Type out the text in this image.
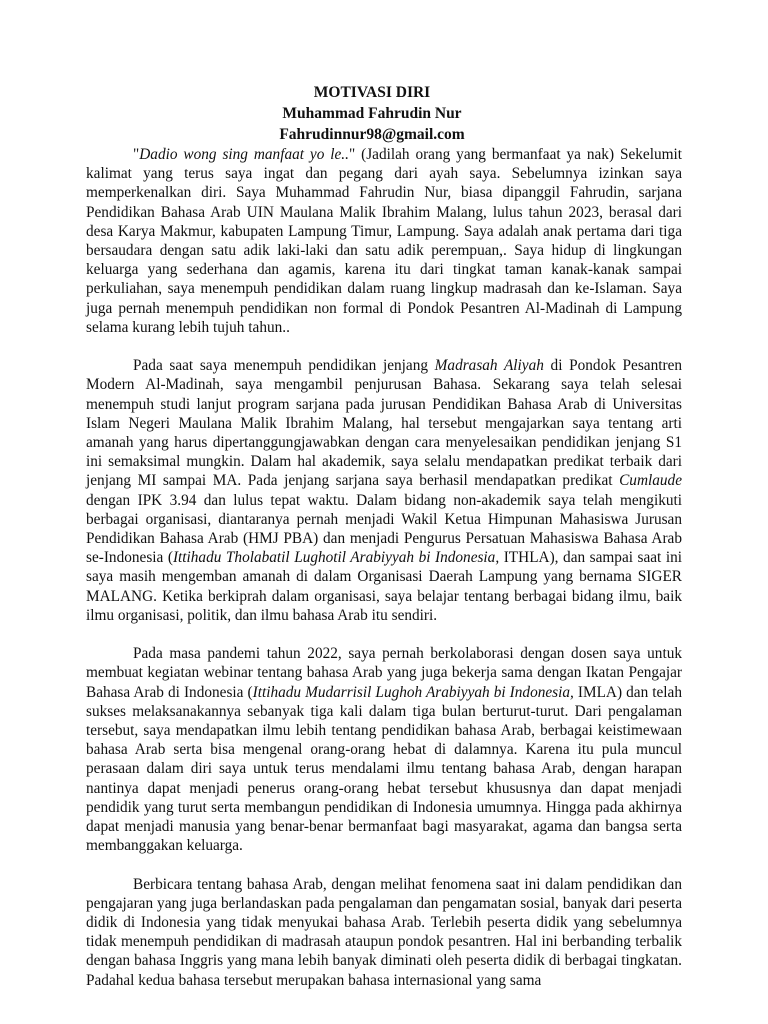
MOTIVASI DIRI
Muhammad Fahrudin Nur
Fahrudinnur98@gmail.com

"Dadio wong sing manfaat yo le.." (Jadilah orang yang bermanfaat ya nak) Sekelumit kalimat yang terus saya ingat dan pegang dari ayah saya. Sebelumnya izinkan saya memperkenalkan diri. Saya Muhammad Fahrudin Nur, biasa dipanggil Fahrudin, sarjana Pendidikan Bahasa Arab UIN Maulana Malik Ibrahim Malang, lulus tahun 2023, berasal dari desa Karya Makmur, kabupaten Lampung Timur, Lampung. Saya adalah anak pertama dari tiga bersaudara dengan satu adik laki-laki dan satu adik perempuan,. Saya hidup di lingkungan keluarga yang sederhana dan agamis, karena itu dari tingkat taman kanak-kanak sampai perkuliahan, saya menempuh pendidikan dalam ruang lingkup madrasah dan ke-Islaman. Saya juga pernah menempuh pendidikan non formal di Pondok Pesantren Al-Madinah di Lampung selama kurang lebih tujuh tahun..

Pada saat saya menempuh pendidikan jenjang Madrasah Aliyah di Pondok Pesantren Modern Al-Madinah, saya mengambil penjurusan Bahasa. Sekarang saya telah selesai menempuh studi lanjut program sarjana pada jurusan Pendidikan Bahasa Arab di Universitas Islam Negeri Maulana Malik Ibrahim Malang, hal tersebut mengajarkan saya tentang arti amanah yang harus dipertanggungjawabkan dengan cara menyelesaikan pendidikan jenjang S1 ini semaksimal mungkin. Dalam hal akademik, saya selalu mendapatkan predikat terbaik dari jenjang MI sampai MA. Pada jenjang sarjana saya berhasil mendapatkan predikat Cumlaude dengan IPK 3.94 dan lulus tepat waktu. Dalam bidang non-akademik saya telah mengikuti berbagai organisasi, diantaranya pernah menjadi Wakil Ketua Himpunan Mahasiswa Jurusan Pendidikan Bahasa Arab (HMJ PBA) dan menjadi Pengurus Persatuan Mahasiswa Bahasa Arab se-Indonesia (Ittihadu Tholabatil Lughotil Arabiyyah bi Indonesia, ITHLA), dan sampai saat ini saya masih mengemban amanah di dalam Organisasi Daerah Lampung yang bernama SIGER MALANG. Ketika berkiprah dalam organisasi, saya belajar tentang berbagai bidang ilmu, baik ilmu organisasi, politik, dan ilmu bahasa Arab itu sendiri.

Pada masa pandemi tahun 2022, saya pernah berkolaborasi dengan dosen saya untuk membuat kegiatan webinar tentang bahasa Arab yang juga bekerja sama dengan Ikatan Pengajar Bahasa Arab di Indonesia (Ittihadu Mudarrisil Lughoh Arabiyyah bi Indonesia, IMLA) dan telah sukses melaksanakannya sebanyak tiga kali dalam tiga bulan berturut-turut. Dari pengalaman tersebut, saya mendapatkan ilmu lebih tentang pendidikan bahasa Arab, berbagai keistimewaan bahasa Arab serta bisa mengenal orang-orang hebat di dalamnya. Karena itu pula muncul perasaan dalam diri saya untuk terus mendalami ilmu tentang bahasa Arab, dengan harapan nantinya dapat menjadi penerus orang-orang hebat tersebut khususnya dan dapat menjadi pendidik yang turut serta membangun pendidikan di Indonesia umumnya. Hingga pada akhirnya dapat menjadi manusia yang benar-benar bermanfaat bagi masyarakat, agama dan bangsa serta membanggakan keluarga.

Berbicara tentang bahasa Arab, dengan melihat fenomena saat ini dalam pendidikan dan pengajaran yang juga berlandaskan pada pengalaman dan pengamatan sosial, banyak dari peserta didik di Indonesia yang tidak menyukai bahasa Arab. Terlebih peserta didik yang sebelumnya tidak menempuh pendidikan di madrasah ataupun pondok pesantren. Hal ini berbanding terbalik dengan bahasa Inggris yang mana lebih banyak diminati oleh peserta didik di berbagai tingkatan. Padahal kedua bahasa tersebut merupakan bahasa internasional yang sama
